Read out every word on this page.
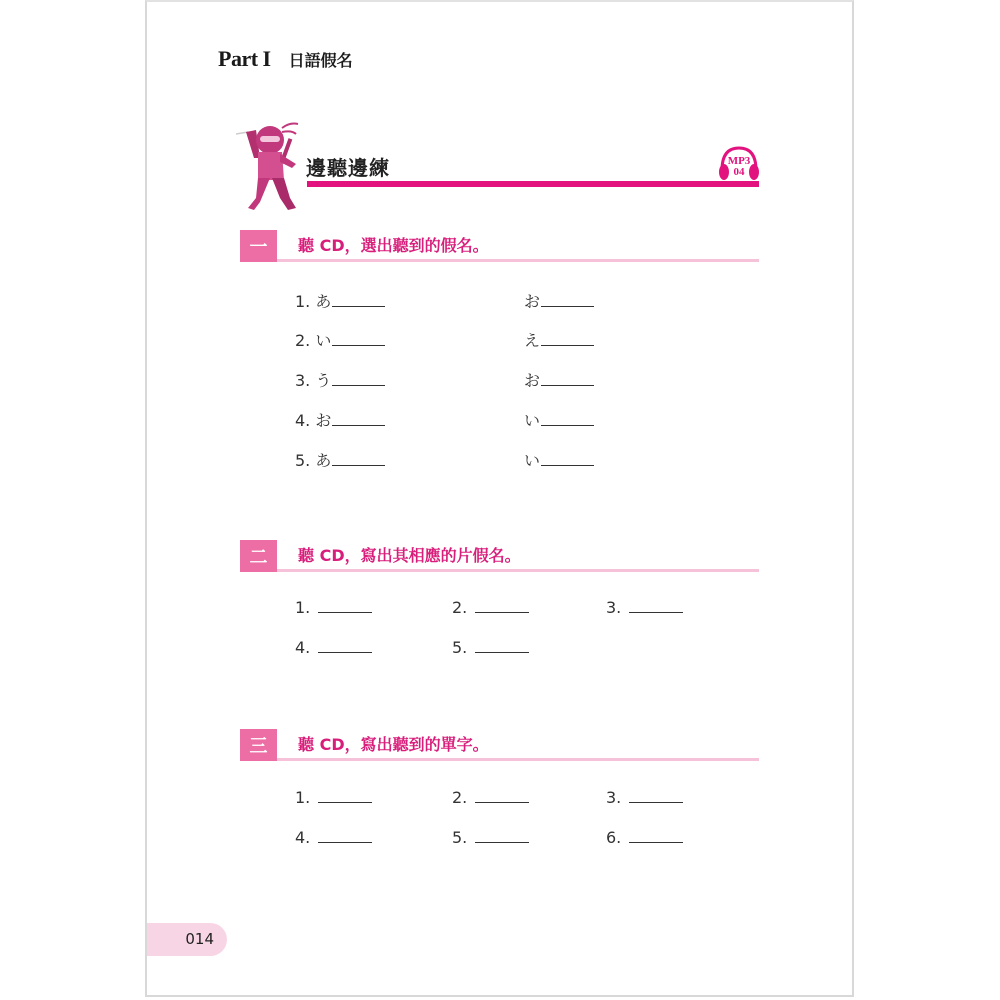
Part I 日語假名
邊聽邊練	MP3
04
一	聽 CD，選出聽到的假名。
1. あ	お
2. い	え
3. う	お
4. お	い
5. あ	い
二	聽 CD，寫出其相應的片假名。
1.	2.	3.
4.	5.
三	聽 CD，寫出聽到的單字。
1.	2.	3.
4.	5.	6.
014
